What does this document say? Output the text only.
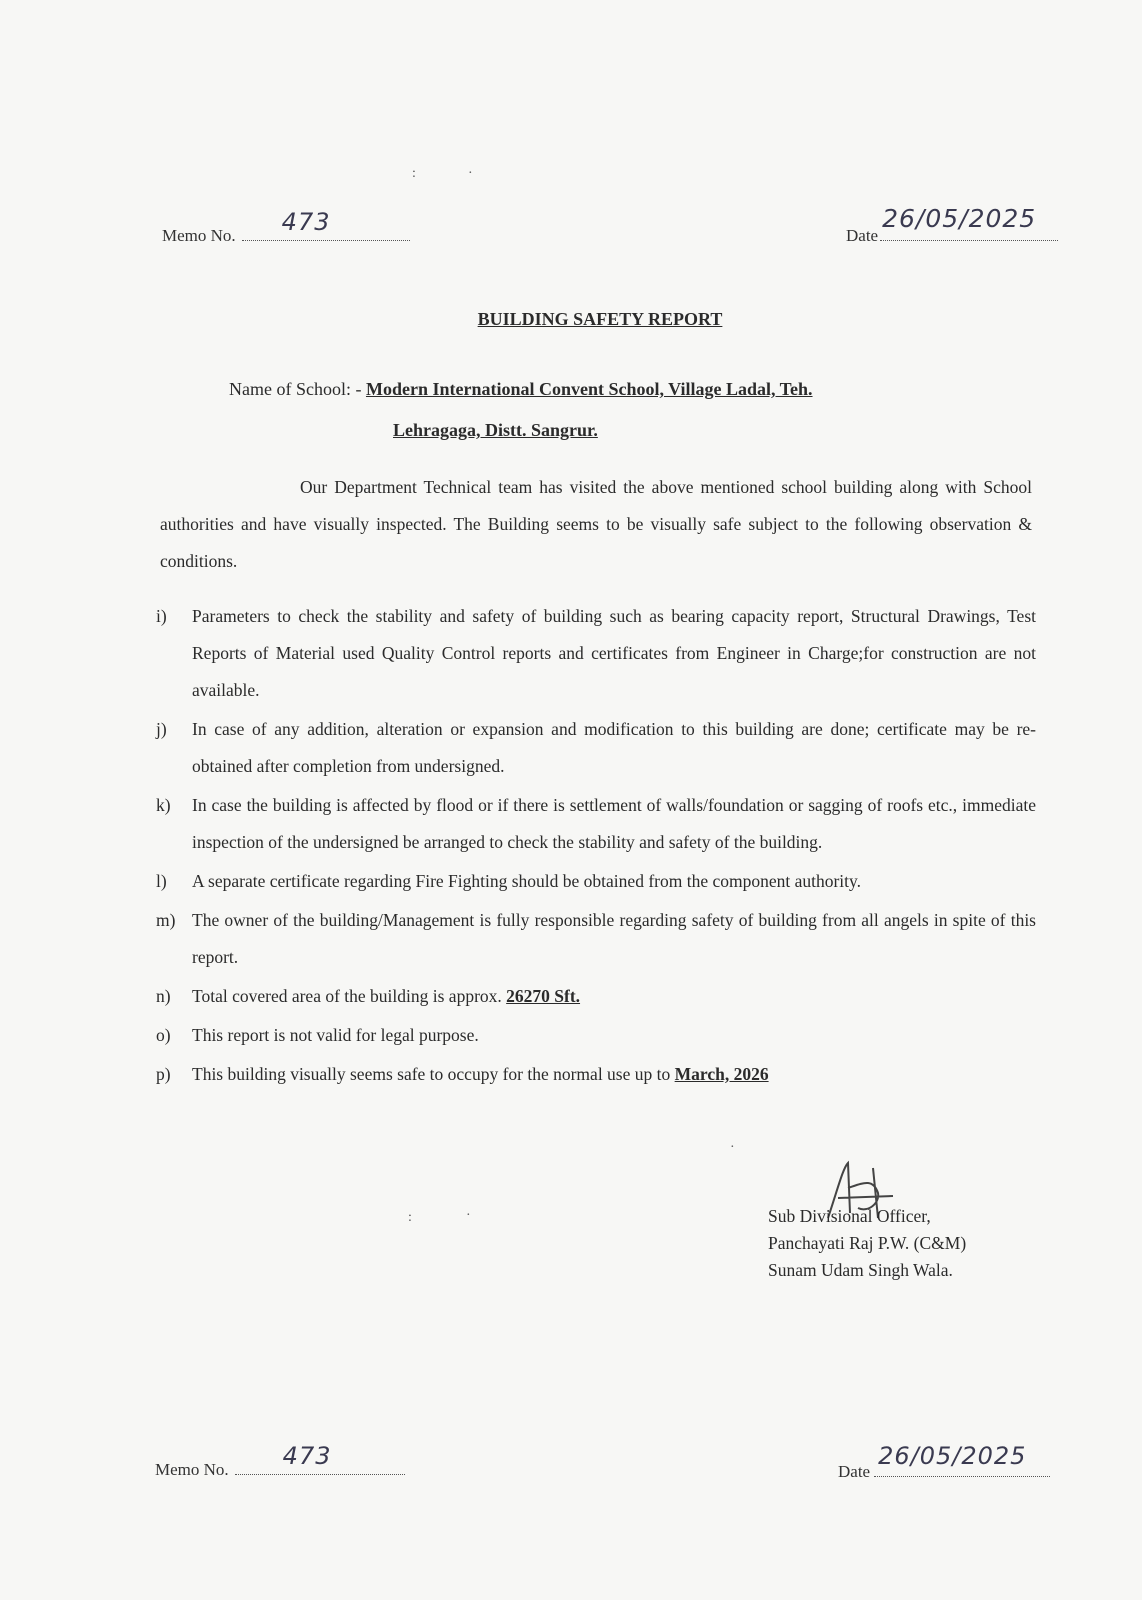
Memo No. 473	Date
26/05/2025
BUILDING SAFETY REPORT
Name of School: - Modern International Convent School, Village Ladal, Teh.
Lehragaga, Distt. Sangrur.
Our Department Technical team has visited the above mentioned school building along with School authorities and have visually inspected. The Building seems to be visually safe subject to the following observation & conditions.
i)	Parameters to check the stability and safety of building such as bearing capacity report, Structural Drawings, Test Reports of Material used Quality Control reports and certificates from Engineer in Charge;for construction are not available.
j)	In case of any addition, alteration or expansion and modification to this building are done; certificate may be re-obtained after completion from undersigned.
k)	In case the building is affected by flood or if there is settlement of walls/foundation or sagging of roofs etc., immediate inspection of the undersigned be arranged to check the stability and safety of the building.
l)	A separate certificate regarding Fire Fighting should be obtained from the component authority.
m) The owner of the building/Management is fully responsible regarding safety of building from all angels in spite of this report.
n)	Total covered area of the building is approx. 26270 Sft.
o)	This report is not valid for legal purpose.
p)	This building visually seems safe to occupy for the normal use up to March, 2026
Sub Divisional Officer,
Panchayati Raj P.W. (C&M)
Sunam Udam Singh Wala.
Memo No. 473
Date
26/05/2025
:	·
:	·
·
